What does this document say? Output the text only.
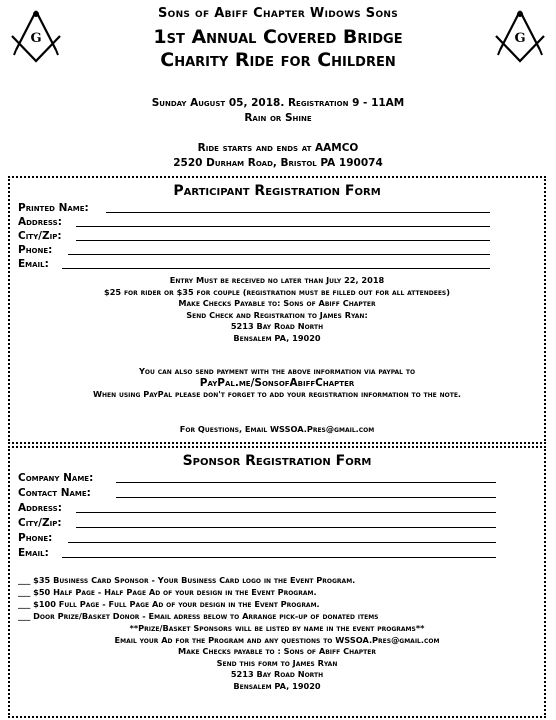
G	G
Sons of Abiff Chapter Widows Sons
1st Annual Covered Bridge
Charity Ride for Children
Sunday August 05, 2018. Registration 9 - 11AM
Rain or Shine
Ride starts and ends at AAMCO
2520 Durham Road, Bristol PA 190074
Participant Registration Form
Printed Name:
Address:
City/Zip:
Phone:
Email:
Entry Must be received no later than July 22, 2018
$25 for rider or $35 for couple (registration must be filled out for all attendees)
Make Checks Payable to: Sons of Abiff Chapter
Send Check and Registration to James Ryan:
5213 Bay Road North
Bensalem PA, 19020
You can also send payment with the above information via paypal to
PayPal.me/SonsofAbiffChapter
When using PayPal please don't forget to add your registration information to the note.
For Questions, Email WSSOA.Pres@gmail.com
Sponsor Registration Form
Company Name:
Contact Name:
Address:
City/Zip:
Phone:
Email:
___ $35 Business Card Sponsor - Your Business Card logo in the Event Program.
___ $50 Half Page - Half Page Ad of your design in the Event Program.
___ $100 Full Page - Full Page Ad of your design in the Event Program.
___ Door Prize/Basket Donor - Email adress below to Arrange pick-up of donated items
**Prize/Basket Sponsors will be listed by name in the event programs**
Email your Ad for the Program and any questions to WSSOA.Pres@gmail.com
Make Checks payable to : Sons of Abiff Chapter
Send this form to James Ryan
5213 Bay Road North
Bensalem PA, 19020
